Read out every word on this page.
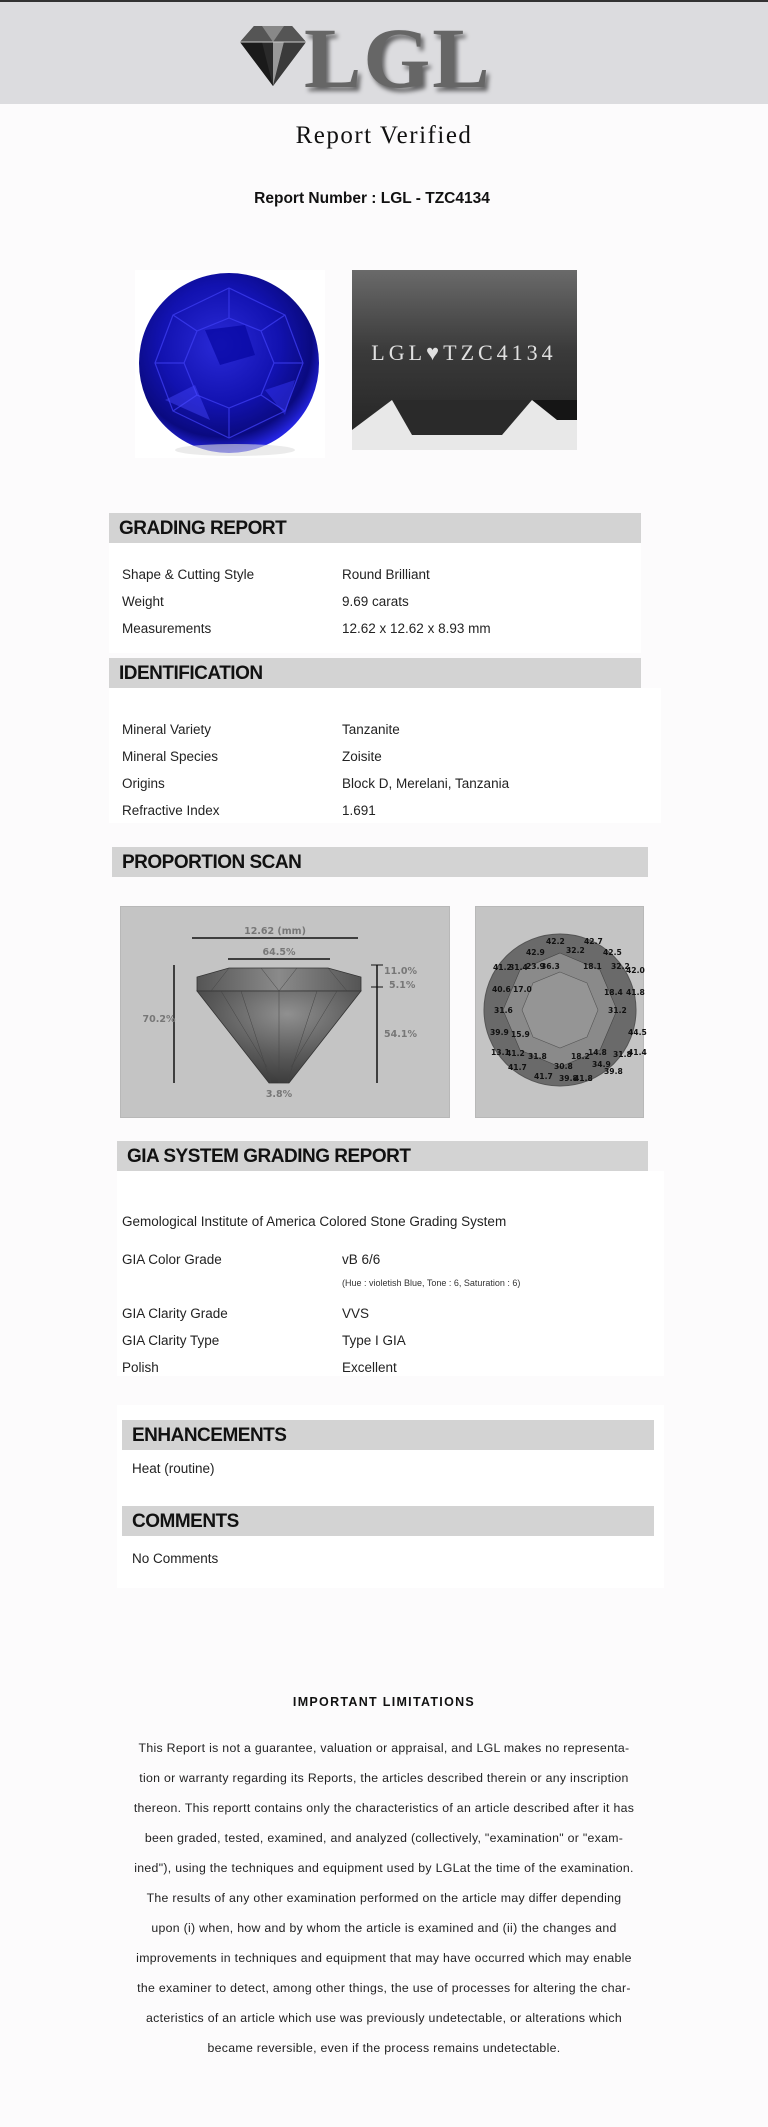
LGL
Report Verified
Report Number : LGL - TZC4134
LGL♥TZC4134
GRADING REPORT
Shape & Cutting Style	Round Brilliant
Weight	9.69 carats
Measurements	12.62 x 12.62 x 8.93 mm
IDENTIFICATION
Mineral Variety	Tanzanite
Mineral Species	Zoisite
Origins	Block D, Merelani, Tanzania
Refractive Index	1.691
PROPORTION SCAN
12.62 (mm)
64.5%
70.2%
11.0%
5.1%
54.1%
3.8%
42.2	42.7
42.9	32.2 42.5
41.2
31.4
23.9
36.3	18.1 32.2
42.0
40.6 17.0	18.4 41.8
31.6	31.2
39.9 15.9	44.5
13.1
41.2 31.8	18.2
14.8 31.8
41.4
41.7	30.8	34.9
41.7 39.8
41.8
39.8
GIA SYSTEM GRADING REPORT
Gemological Institute of America Colored Stone Grading System
GIA Color Grade	vB 6/6
(Hue : violetish Blue, Tone : 6, Saturation : 6)
GIA Clarity Grade	VVS
GIA Clarity Type	Type I GIA
Polish	Excellent
ENHANCEMENTS
Heat (routine)
COMMENTS
No Comments
IMPORTANT LIMITATIONS
This Report is not a guarantee, valuation or appraisal, and LGL makes no representa-
tion or warranty regarding its Reports, the articles described therein or any inscription
thereon. This reportt contains only the characteristics of an article described after it has
been graded, tested, examined, and analyzed (collectively, "examination" or "exam-
ined"), using the techniques and equipment used by LGLat the time of the examination.
The results of any other examination performed on the article may differ depending
upon (i) when, how and by whom the article is examined and (ii) the changes and
improvements in techniques and equipment that may have occurred which may enable
the examiner to detect, among other things, the use of processes for altering the char-
acteristics of an article which use was previously undetectable, or alterations which
became reversible, even if the process remains undetectable.
